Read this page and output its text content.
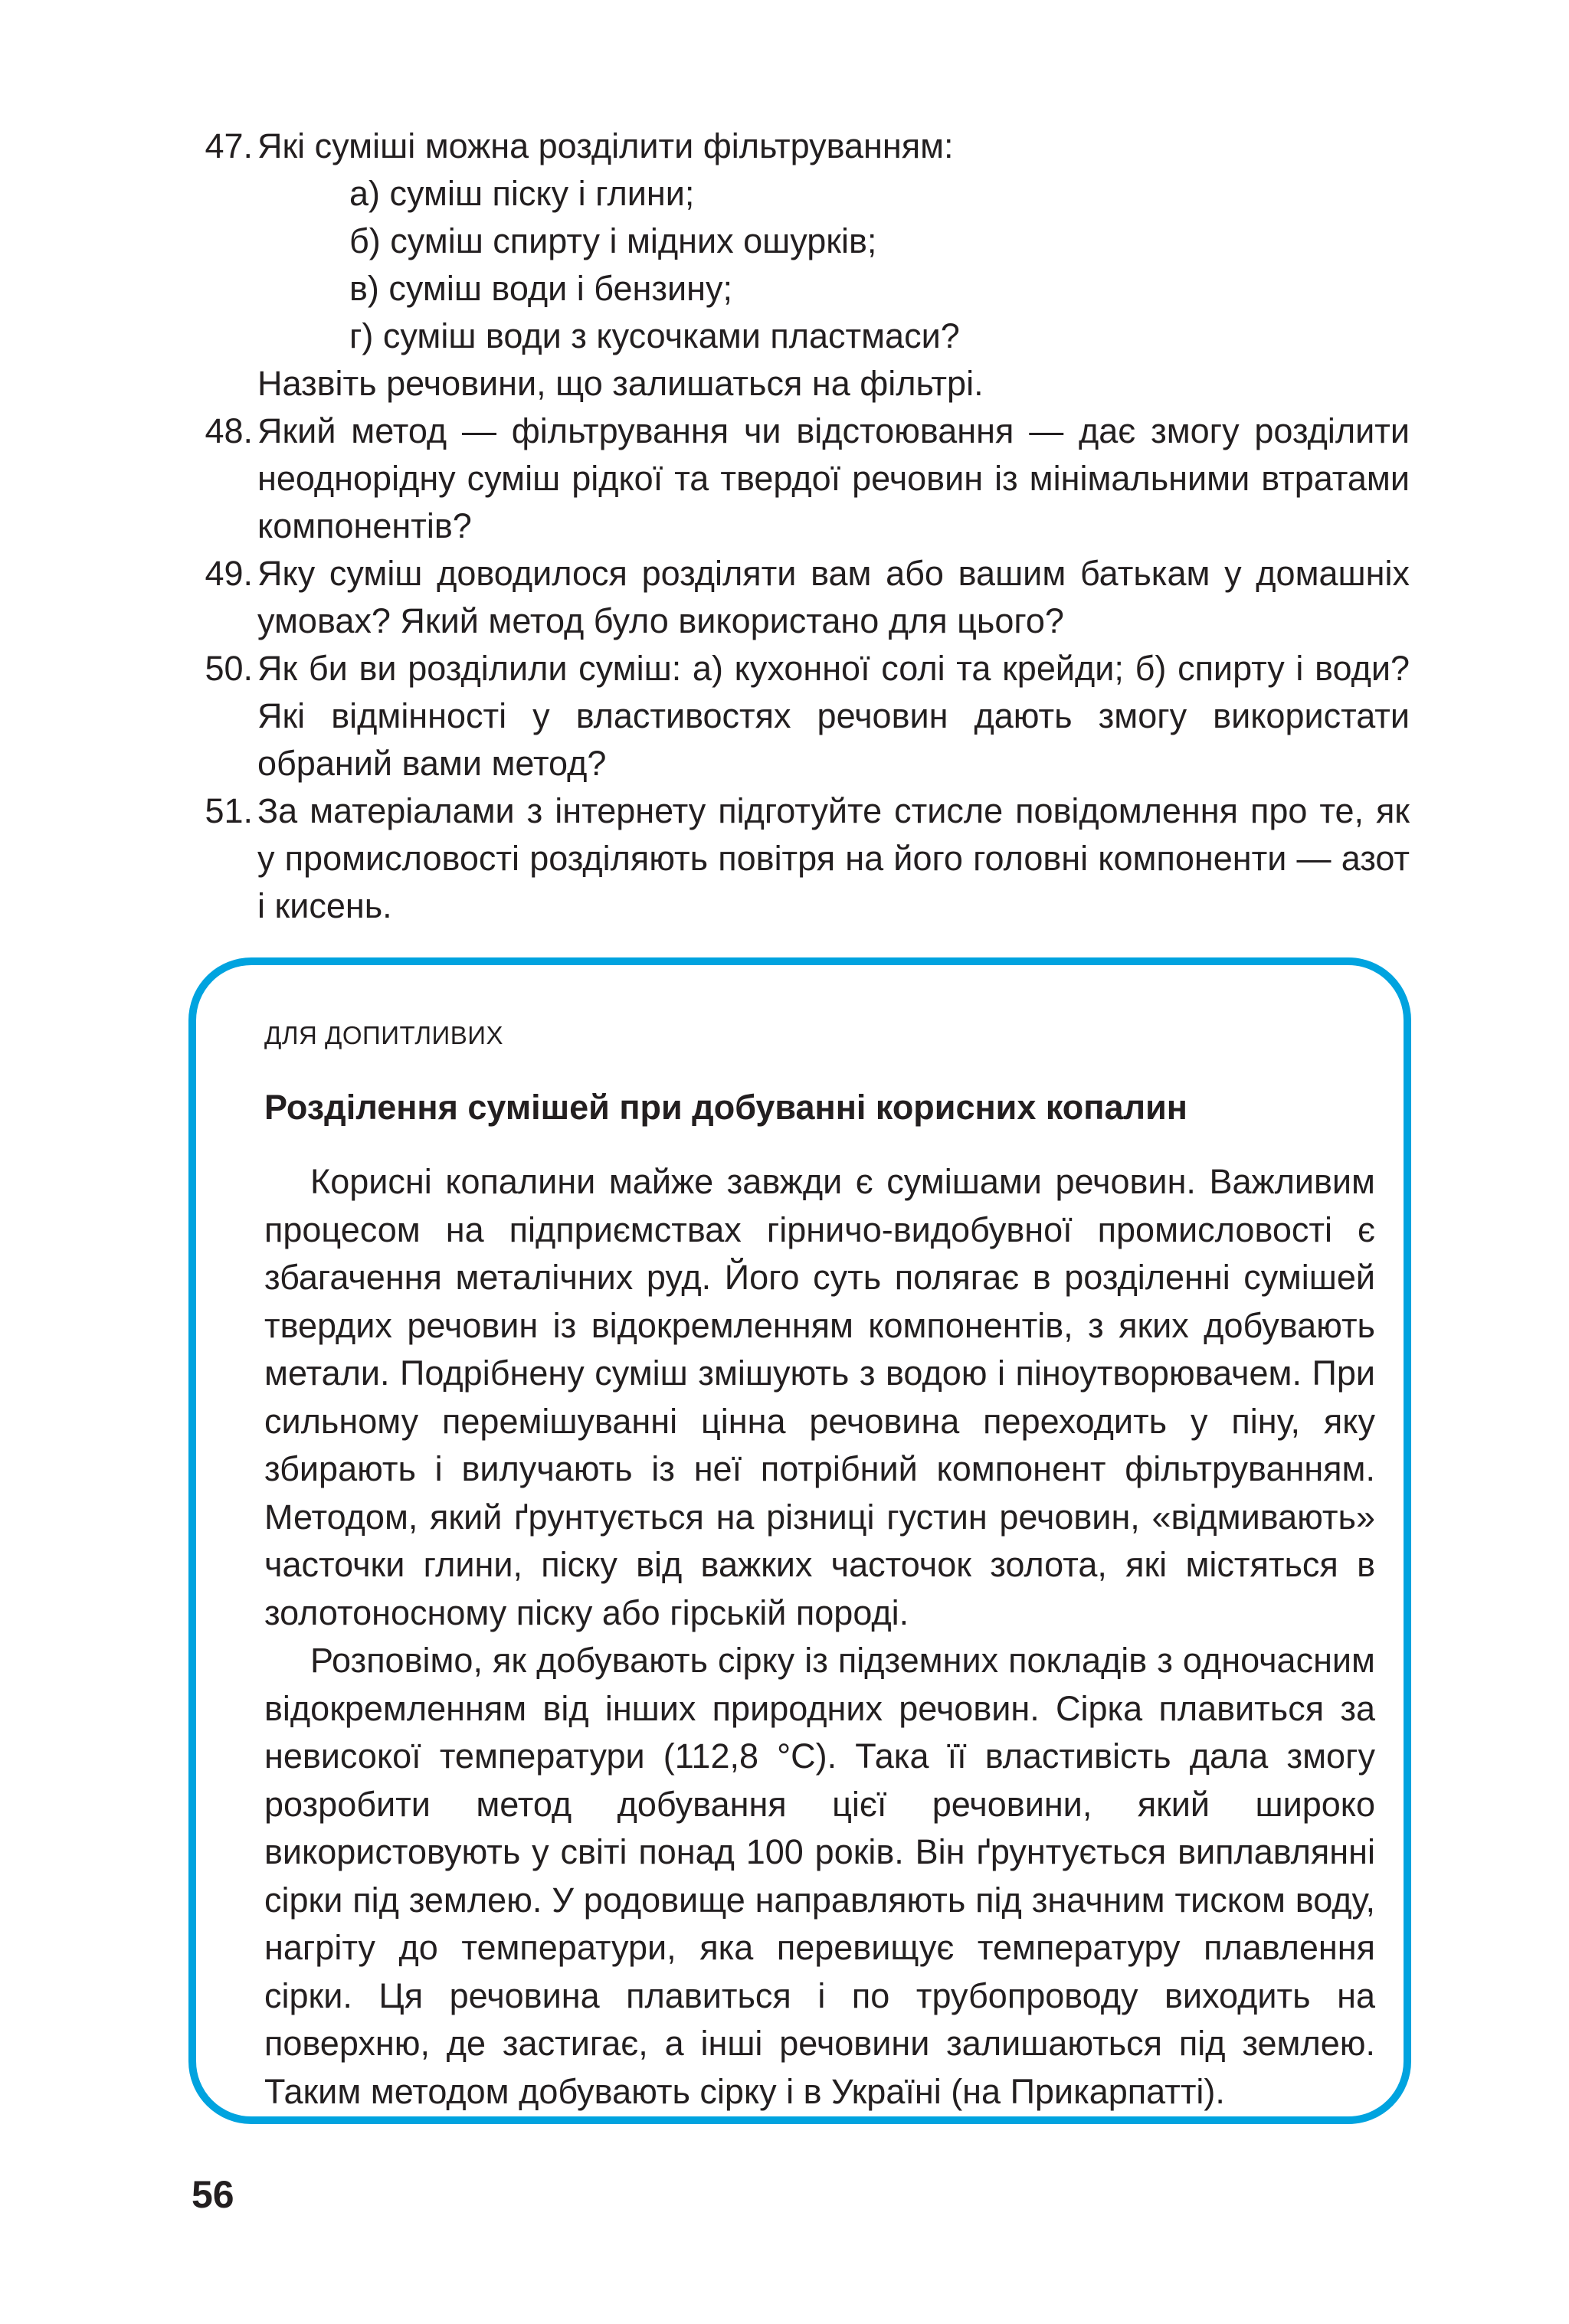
47. Які суміші можна розділити фільтруванням:
а) суміш піску і глини;
б) суміш спирту і мідних ошурків;
в) суміш води і бензину;
г) суміш води з кусочками пластмаси?
Назвіть речовини, що залишаться на фільтрі.
48. Який метод — фільтрування чи відстоювання — дає змогу розділити неоднорідну суміш рідкої та твердої речовин із мінімальними втратами компонентів?
49. Яку суміш доводилося розділяти вам або вашим батькам у домашніх умовах? Який метод було використано для цього?
50. Як би ви розділили суміш: а) кухонної солі та крейди; б) спирту і води? Які відмінності у властивостях речовин дають змогу використати обраний вами метод?
51. За матеріалами з інтернету підготуйте стисле повідомлення про те, як у промисловості розділяють повітря на його головні компоненти — азот і кисень.
ДЛЯ ДОПИТЛИВИХ
Розділення сумішей при добуванні корисних копалин

Корисні копалини майже завжди є сумішами речовин. Важливим процесом на підприємствах гірничо-видобувної промисловості є збагачення металічних руд. Його суть полягає в розділенні сумішей твердих речовин із відокремленням компонентів, з яких добувають метали. Подрібнену суміш змішують з водою і піноутворювачем. При сильному перемішуванні цінна речовина переходить у піну, яку збирають і вилучають із неї потрібний компонент фільтруванням. Методом, який ґрунтується на різниці густин речовин, «відмивають» часточки глини, піску від важких часточок золота, які містяться в золотоносному піску або гірській породі.

Розповімо, як добувають сірку із підземних покладів з одночасним відокремленням від інших природних речовин. Сірка плавиться за невисокої температури (112,8 °С). Така її властивість дала змогу розробити метод добування цієї речовини, який широко використовують у світі понад 100 років. Він ґрунтується виплавлянні сірки під землею. У родовище направляють під значним тиском воду, нагріту до температури, яка перевищує температуру плавлення сірки. Ця речовина плавиться і по трубопроводу виходить на поверхню, де застигає, а інші речовини залишаються під землею. Таким методом добувають сірку і в Україні (на Прикарпатті).

56
